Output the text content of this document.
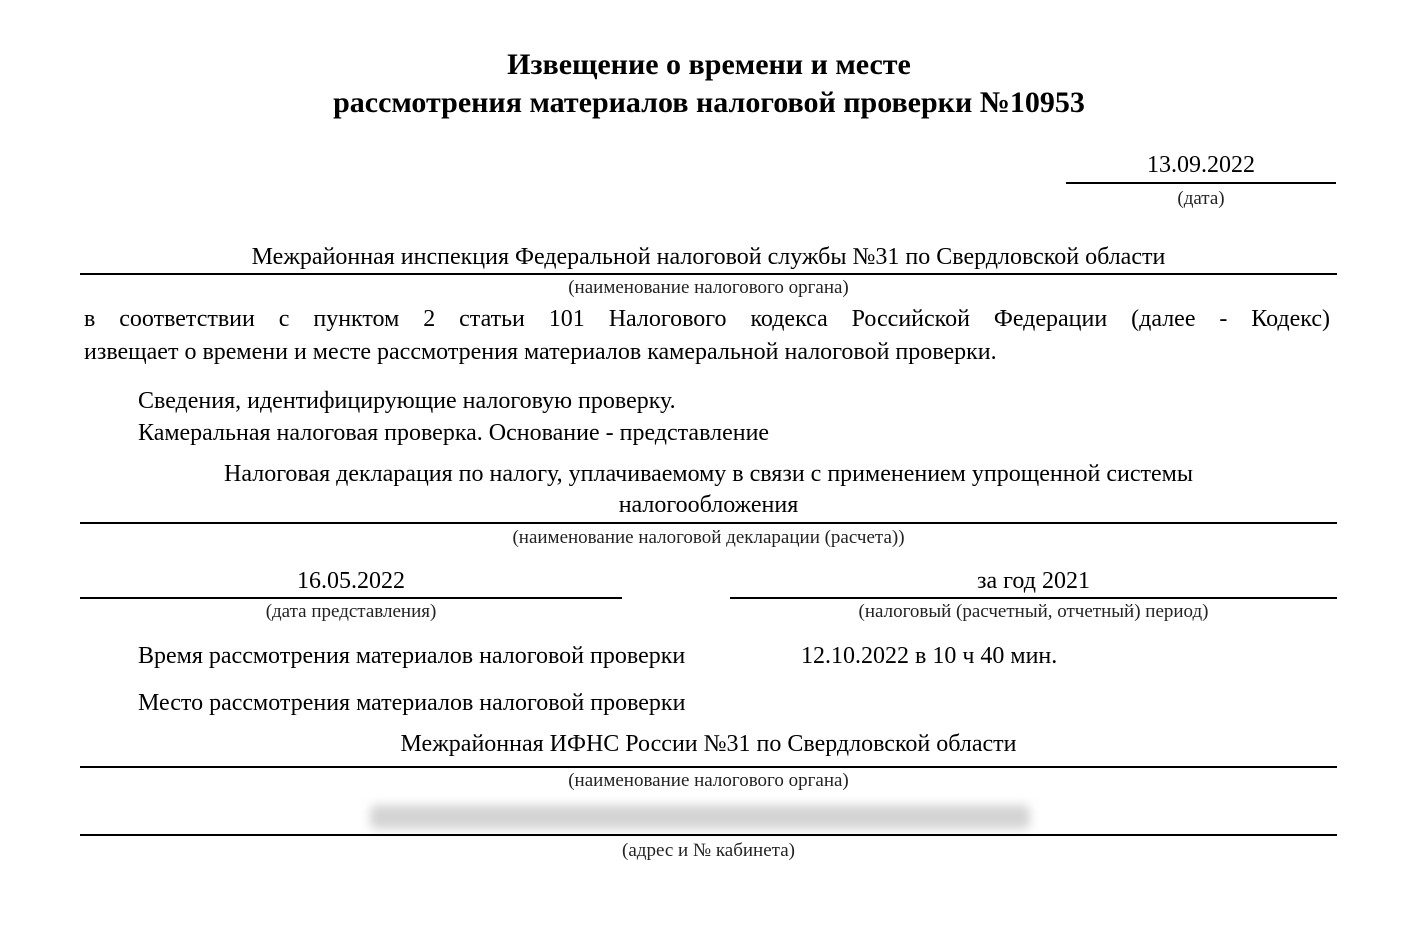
Извещение о времени и месте
рассмотрения материалов налоговой проверки №10953
13.09.2022
(дата)
Межрайонная инспекция Федеральной налоговой службы №31 по Свердловской области
(наименование налогового органа)
в соответствии с пунктом 2 статьи 101 Налогового кодекса Российской Федерации (далее - Кодекс)
извещает о времени и месте рассмотрения материалов камеральной налоговой проверки.
Сведения, идентифицирующие налоговую проверку.
Камеральная налоговая проверка. Основание - представление
Налоговая декларация по налогу, уплачиваемому в связи с применением упрощенной системы
налогообложения
(наименование налоговой декларации (расчета))
16.05.2022
(дата представления)
за год 2021
(налоговый (расчетный, отчетный) период)
Время рассмотрения материалов налоговой проверки	12.10.2022 в 10 ч 40 мин.
Место рассмотрения материалов налоговой проверки
Межрайонная ИФНС России №31 по Свердловской области
(наименование налогового органа)
(адрес и № кабинета)
